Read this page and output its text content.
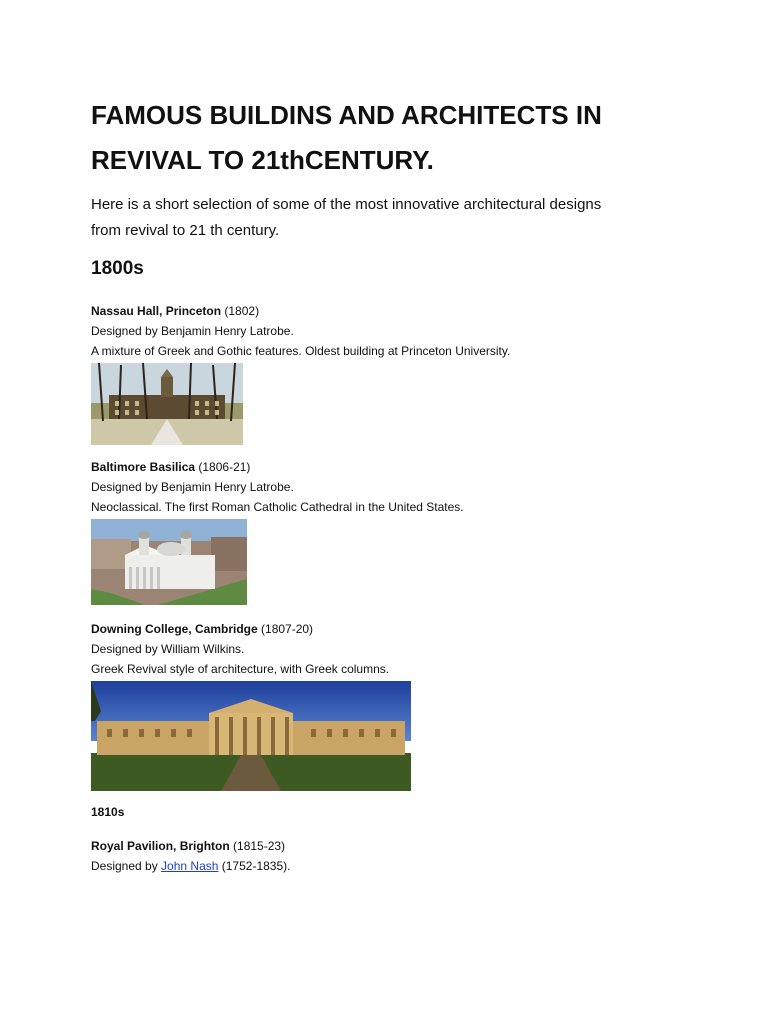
FAMOUS BUILDINS AND ARCHITECTS IN
REVIVAL TO 21thCENTURY.
Here is a short selection of some of the most innovative architectural designs
from revival to 21 th century.
1800s
Nassau Hall, Princeton (1802)
Designed by Benjamin Henry Latrobe.
A mixture of Greek and Gothic features. Oldest building at Princeton University.
Baltimore Basilica (1806-21)
Designed by Benjamin Henry Latrobe.
Neoclassical. The first Roman Catholic Cathedral in the United States.
Downing College, Cambridge (1807-20)
Designed by William Wilkins.
Greek Revival style of architecture, with Greek columns.
1810s
Royal Pavilion, Brighton (1815-23)
Designed by John Nash (1752-1835).
